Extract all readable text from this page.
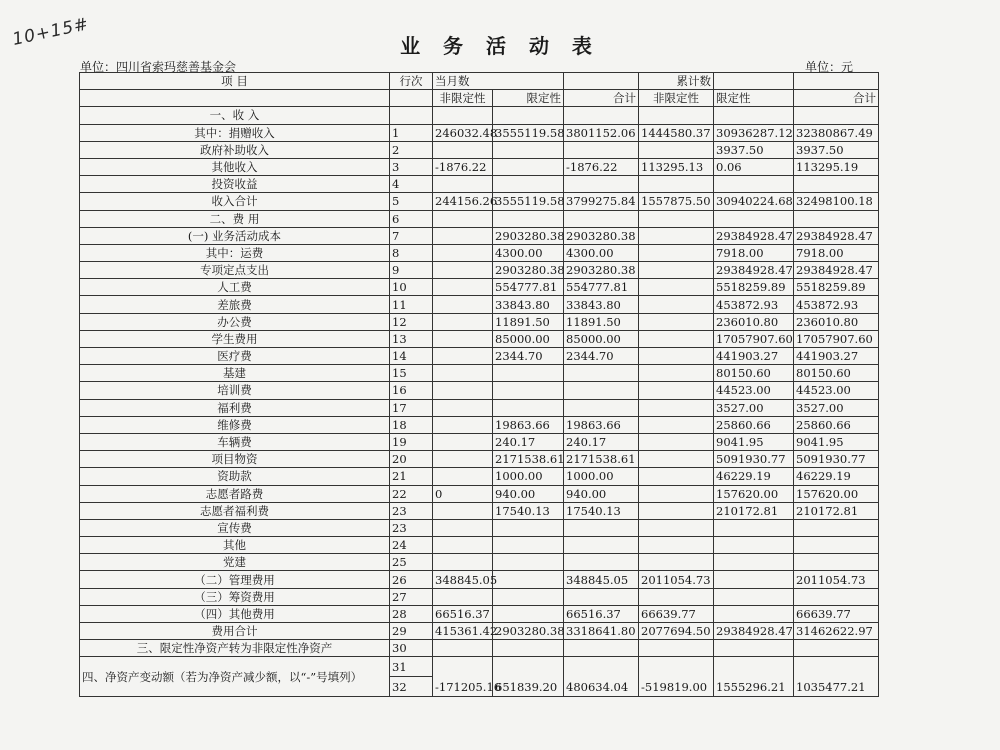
10+15#	业 务 活 动 表
单位：四川省索玛慈善基金会	单位：元
项 目	行次	当月数			累计数		
		非限定性	限定性	合计	非限定性	限定性	合计
一、收 入							
其中：捐赠收入	1	246032.48	3555119.58	3801152.06	1444580.37	30936287.12	32380867.49
政府补助收入	2					3937.50	3937.50
其他收入	3	-1876.22		-1876.22	113295.13	0.06	113295.19
投资收益	4						
收入合计	5	244156.26	3555119.58	3799275.84	1557875.50	30940224.68	32498100.18
二、费 用	6						
(一) 业务活动成本	7		2903280.38	2903280.38		29384928.47	29384928.47
其中：运费	8		4300.00	4300.00		7918.00	7918.00
专项定点支出	9		2903280.38	2903280.38		29384928.47	29384928.47
人工费	10		554777.81	554777.81		5518259.89	5518259.89
差旅费	11		33843.80	33843.80		453872.93	453872.93
办公费	12		11891.50	11891.50		236010.80	236010.80
学生费用	13		85000.00	85000.00		17057907.60	17057907.60
医疗费	14		2344.70	2344.70		441903.27	441903.27
基建	15					80150.60	80150.60
培训费	16					44523.00	44523.00
福利费	17					3527.00	3527.00
维修费	18		19863.66	19863.66		25860.66	25860.66
车辆费	19		240.17	240.17		9041.95	9041.95
项目物资	20		2171538.61	2171538.61		5091930.77	5091930.77
资助款	21		1000.00	1000.00		46229.19	46229.19
志愿者路费	22	0	940.00	940.00		157620.00	157620.00
志愿者福利费	23		17540.13	17540.13		210172.81	210172.81
宣传费	23						
其他	24						
党建	25						
（二）管理费用	26	348845.05		348845.05	2011054.73		2011054.73
（三）筹资费用	27						
（四）其他费用	28	66516.37		66516.37	66639.77		66639.77
费用合计	29	415361.42	2903280.38	3318641.80	2077694.50	29384928.47	31462622.97
三、限定性净资产转为非限定性净资产	30						
四、净资产变动额（若为净资产减少额，以“-”号填列）	31						
	32	-171205.16	651839.20	480634.04	-519819.00	1555296.21	1035477.21
